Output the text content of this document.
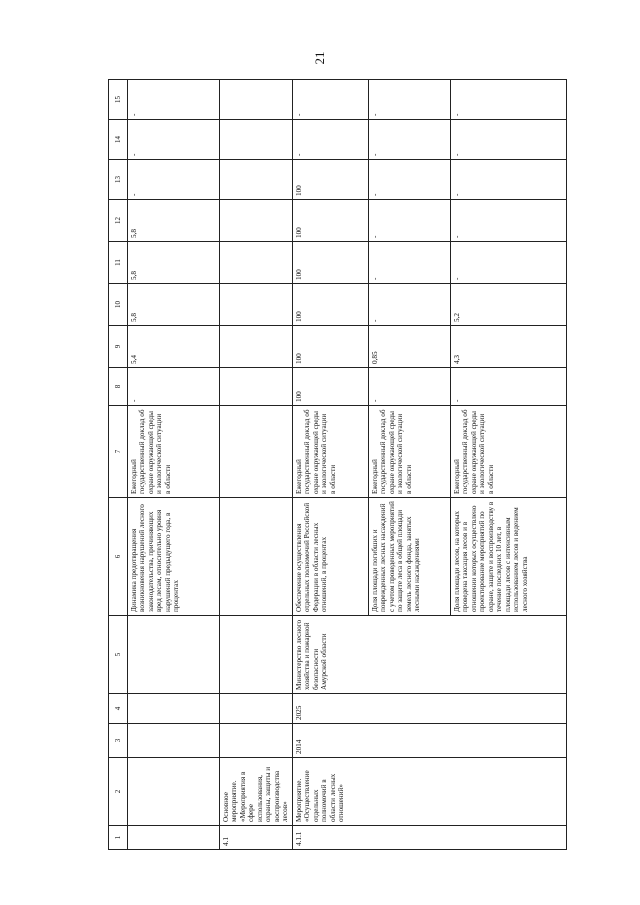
21
1	2	3	4	5	6	7	8	9	10	11	12	13	14	15
					Динамика предотвращения возникновения нарушений лесного законодательства, причиняющих вред лесам, относительно уровня нарушений предыдущего года, в процентах	Ежегодный государственный доклад об охране окружающей среды и экологической ситуации в области	-	5,4	5,8	5,8	5,8	-	-	-
4.1	Основное мероприятие. «Мероприятия в сфере использования, охраны, защиты и воспроизводства лесов»													
4.1.1	Мероприятие. «Осуществление отдельных полномочий в области лесных отношений»	2014	2025	Министерство лесного хозяйства и пожарной безопасности Амурской области	Обеспечение осуществления отдельных полномочий Российской Федерации в области лесных отношений, в процентах	Ежегодный государственный доклад об охране окружающей среды и экологической ситуации в области	100	100	100	100	100	100	-	-
					Доля площади погибших и поврежденных лесных насаждений с учетом проведенных мероприятий по защите леса в общей площади земель лесного фонда, занятых лесными насаждениями	Ежегодный государственный доклад об охране окружающей среды и экологической ситуации в области	-	0,85	-	-	-	-	-	-
					Доля площади лесов, на которых проведена таксация лесов и в отношении которых осуществлено проектирование мероприятий по охране, защите и воспроизводству в течение последних 10 лет, в площади лесов с интенсивным использованием лесов и ведением лесного хозяйства	Ежегодный государственный доклад об охране окружающей среды и экологической ситуации в области	-	4,3	5,2	-	-	-	-	-
